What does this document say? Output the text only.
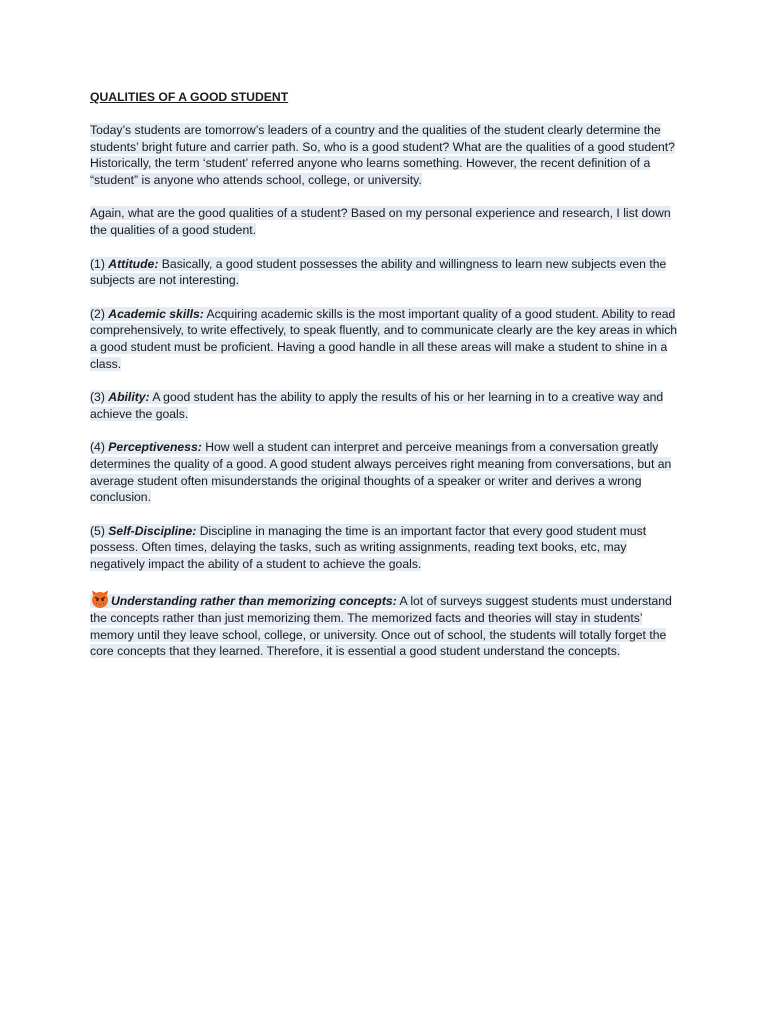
QUALITIES OF A GOOD STUDENT
Today’s students are tomorrow’s leaders of a country and the qualities of the student clearly determine the students’ bright future and carrier path. So, who is a good student? What are the qualities of a good student? Historically, the term ‘student’ referred anyone who learns something. However, the recent definition of a “student” is anyone who attends school, college, or university.
Again, what are the good qualities of a student? Based on my personal experience and research, I list down the qualities of a good student.
(1) Attitude: Basically, a good student possesses the ability and willingness to learn new subjects even the subjects are not interesting.
(2) Academic skills: Acquiring academic skills is the most important quality of a good student. Ability to read comprehensively, to write effectively, to speak fluently, and to communicate clearly are the key areas in which a good student must be proficient. Having a good handle in all these areas will make a student to shine in a class.
(3) Ability: A good student has the ability to apply the results of his or her learning in to a creative way and achieve the goals.
(4) Perceptiveness: How well a student can interpret and perceive meanings from a conversation greatly determines the quality of a good. A good student always perceives right meaning from conversations, but an average student often misunderstands the original thoughts of a speaker or writer and derives a wrong conclusion.
(5) Self-Discipline: Discipline in managing the time is an important factor that every good student must possess. Often times, delaying the tasks, such as writing assignments, reading text books, etc, may negatively impact the ability of a student to achieve the goals.
Understanding rather than memorizing concepts: A lot of surveys suggest students must understand the concepts rather than just memorizing them. The memorized facts and theories will stay in students’ memory until they leave school, college, or university. Once out of school, the students will totally forget the core concepts that they learned. Therefore, it is essential a good student understand the concepts.
